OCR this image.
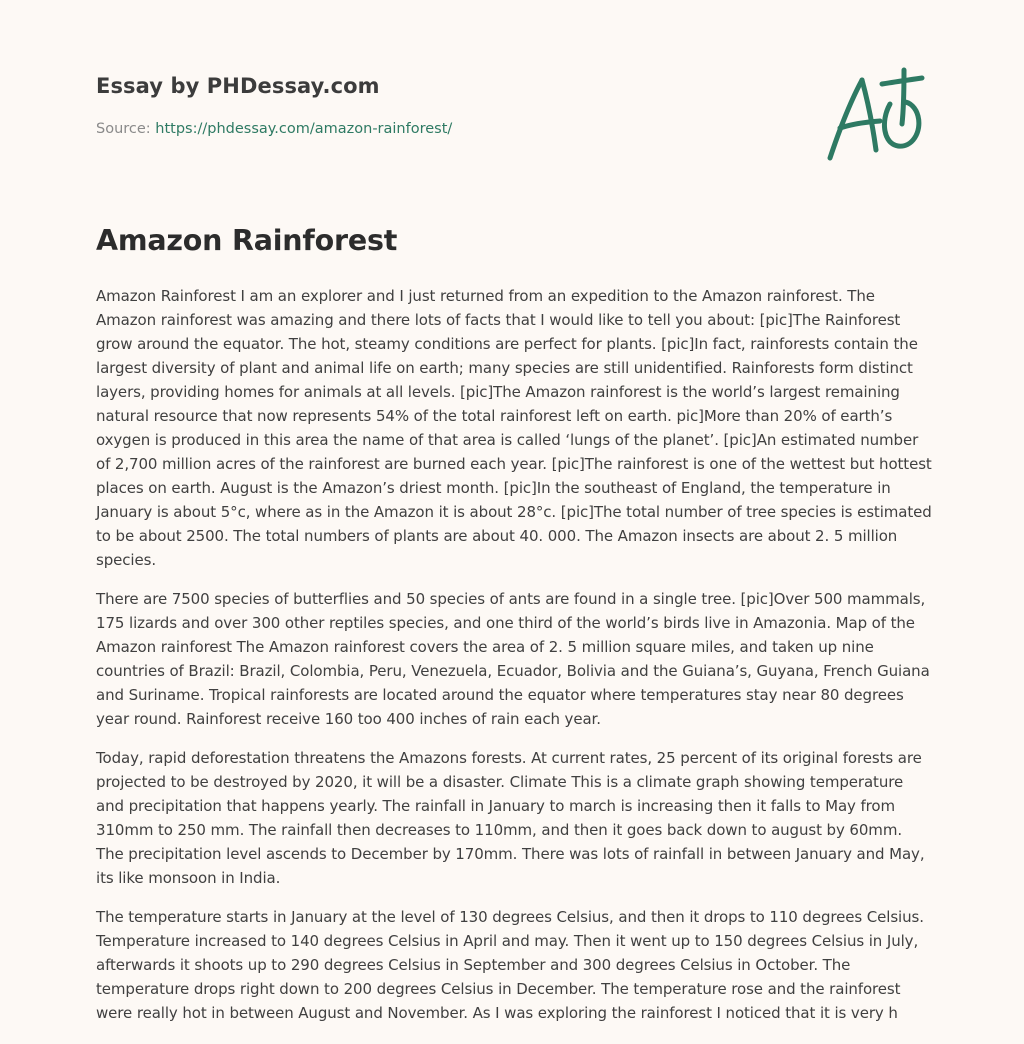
Essay by PHDessay.com
Source: https://phdessay.com/amazon-rainforest/
Amazon Rainforest

Amazon Rainforest I am an explorer and I just returned from an expedition to the Amazon rainforest. The Amazon rainforest was amazing and there lots of facts that I would like to tell you about: [pic]The Rainforest grow around the equator. The hot, steamy conditions are perfect for plants. [pic]In fact, rainforests contain the largest diversity of plant and animal life on earth; many species are still unidentified. Rainforests form distinct layers, providing homes for animals at all levels. [pic]The Amazon rainforest is the world’s largest remaining natural resource that now represents 54% of the total rainforest left on earth. pic]More than 20% of earth’s oxygen is produced in this area the name of that area is called ‘lungs of the planet’. [pic]An estimated number of 2,700 million acres of the rainforest are burned each year. [pic]The rainforest is one of the wettest but hottest places on earth. August is the Amazon’s driest month. [pic]In the southeast of England, the temperature in January is about 5°c, where as in the Amazon it is about 28°c. [pic]The total number of tree species is estimated to be about 2500. The total numbers of plants are about 40. 000. The Amazon insects are about 2. 5 million species.

There are 7500 species of butterflies and 50 species of ants are found in a single tree. [pic]Over 500 mammals, 175 lizards and over 300 other reptiles species, and one third of the world’s birds live in Amazonia. Map of the Amazon rainforest The Amazon rainforest covers the area of 2. 5 million square miles, and taken up nine countries of Brazil: Brazil, Colombia, Peru, Venezuela, Ecuador, Bolivia and the Guiana’s, Guyana, French Guiana and Suriname. Tropical rainforests are located around the equator where temperatures stay near 80 degrees year round. Rainforest receive 160 too 400 inches of rain each year.

Today, rapid deforestation threatens the Amazons forests. At current rates, 25 percent of its original forests are projected to be destroyed by 2020, it will be a disaster. Climate This is a climate graph showing temperature and precipitation that happens yearly. The rainfall in January to march is increasing then it falls to May from 310mm to 250 mm. The rainfall then decreases to 110mm, and then it goes back down to august by 60mm. The precipitation level ascends to December by 170mm. There was lots of rainfall in between January and May, its like monsoon in India.

The temperature starts in January at the level of 130 degrees Celsius, and then it drops to 110 degrees Celsius. Temperature increased to 140 degrees Celsius in April and may. Then it went up to 150 degrees Celsius in July, afterwards it shoots up to 290 degrees Celsius in September and 300 degrees Celsius in October. The temperature drops right down to 200 degrees Celsius in December. The temperature rose and the rainforest were really hot in between August and November. As I was exploring the rainforest I noticed that it is very h
